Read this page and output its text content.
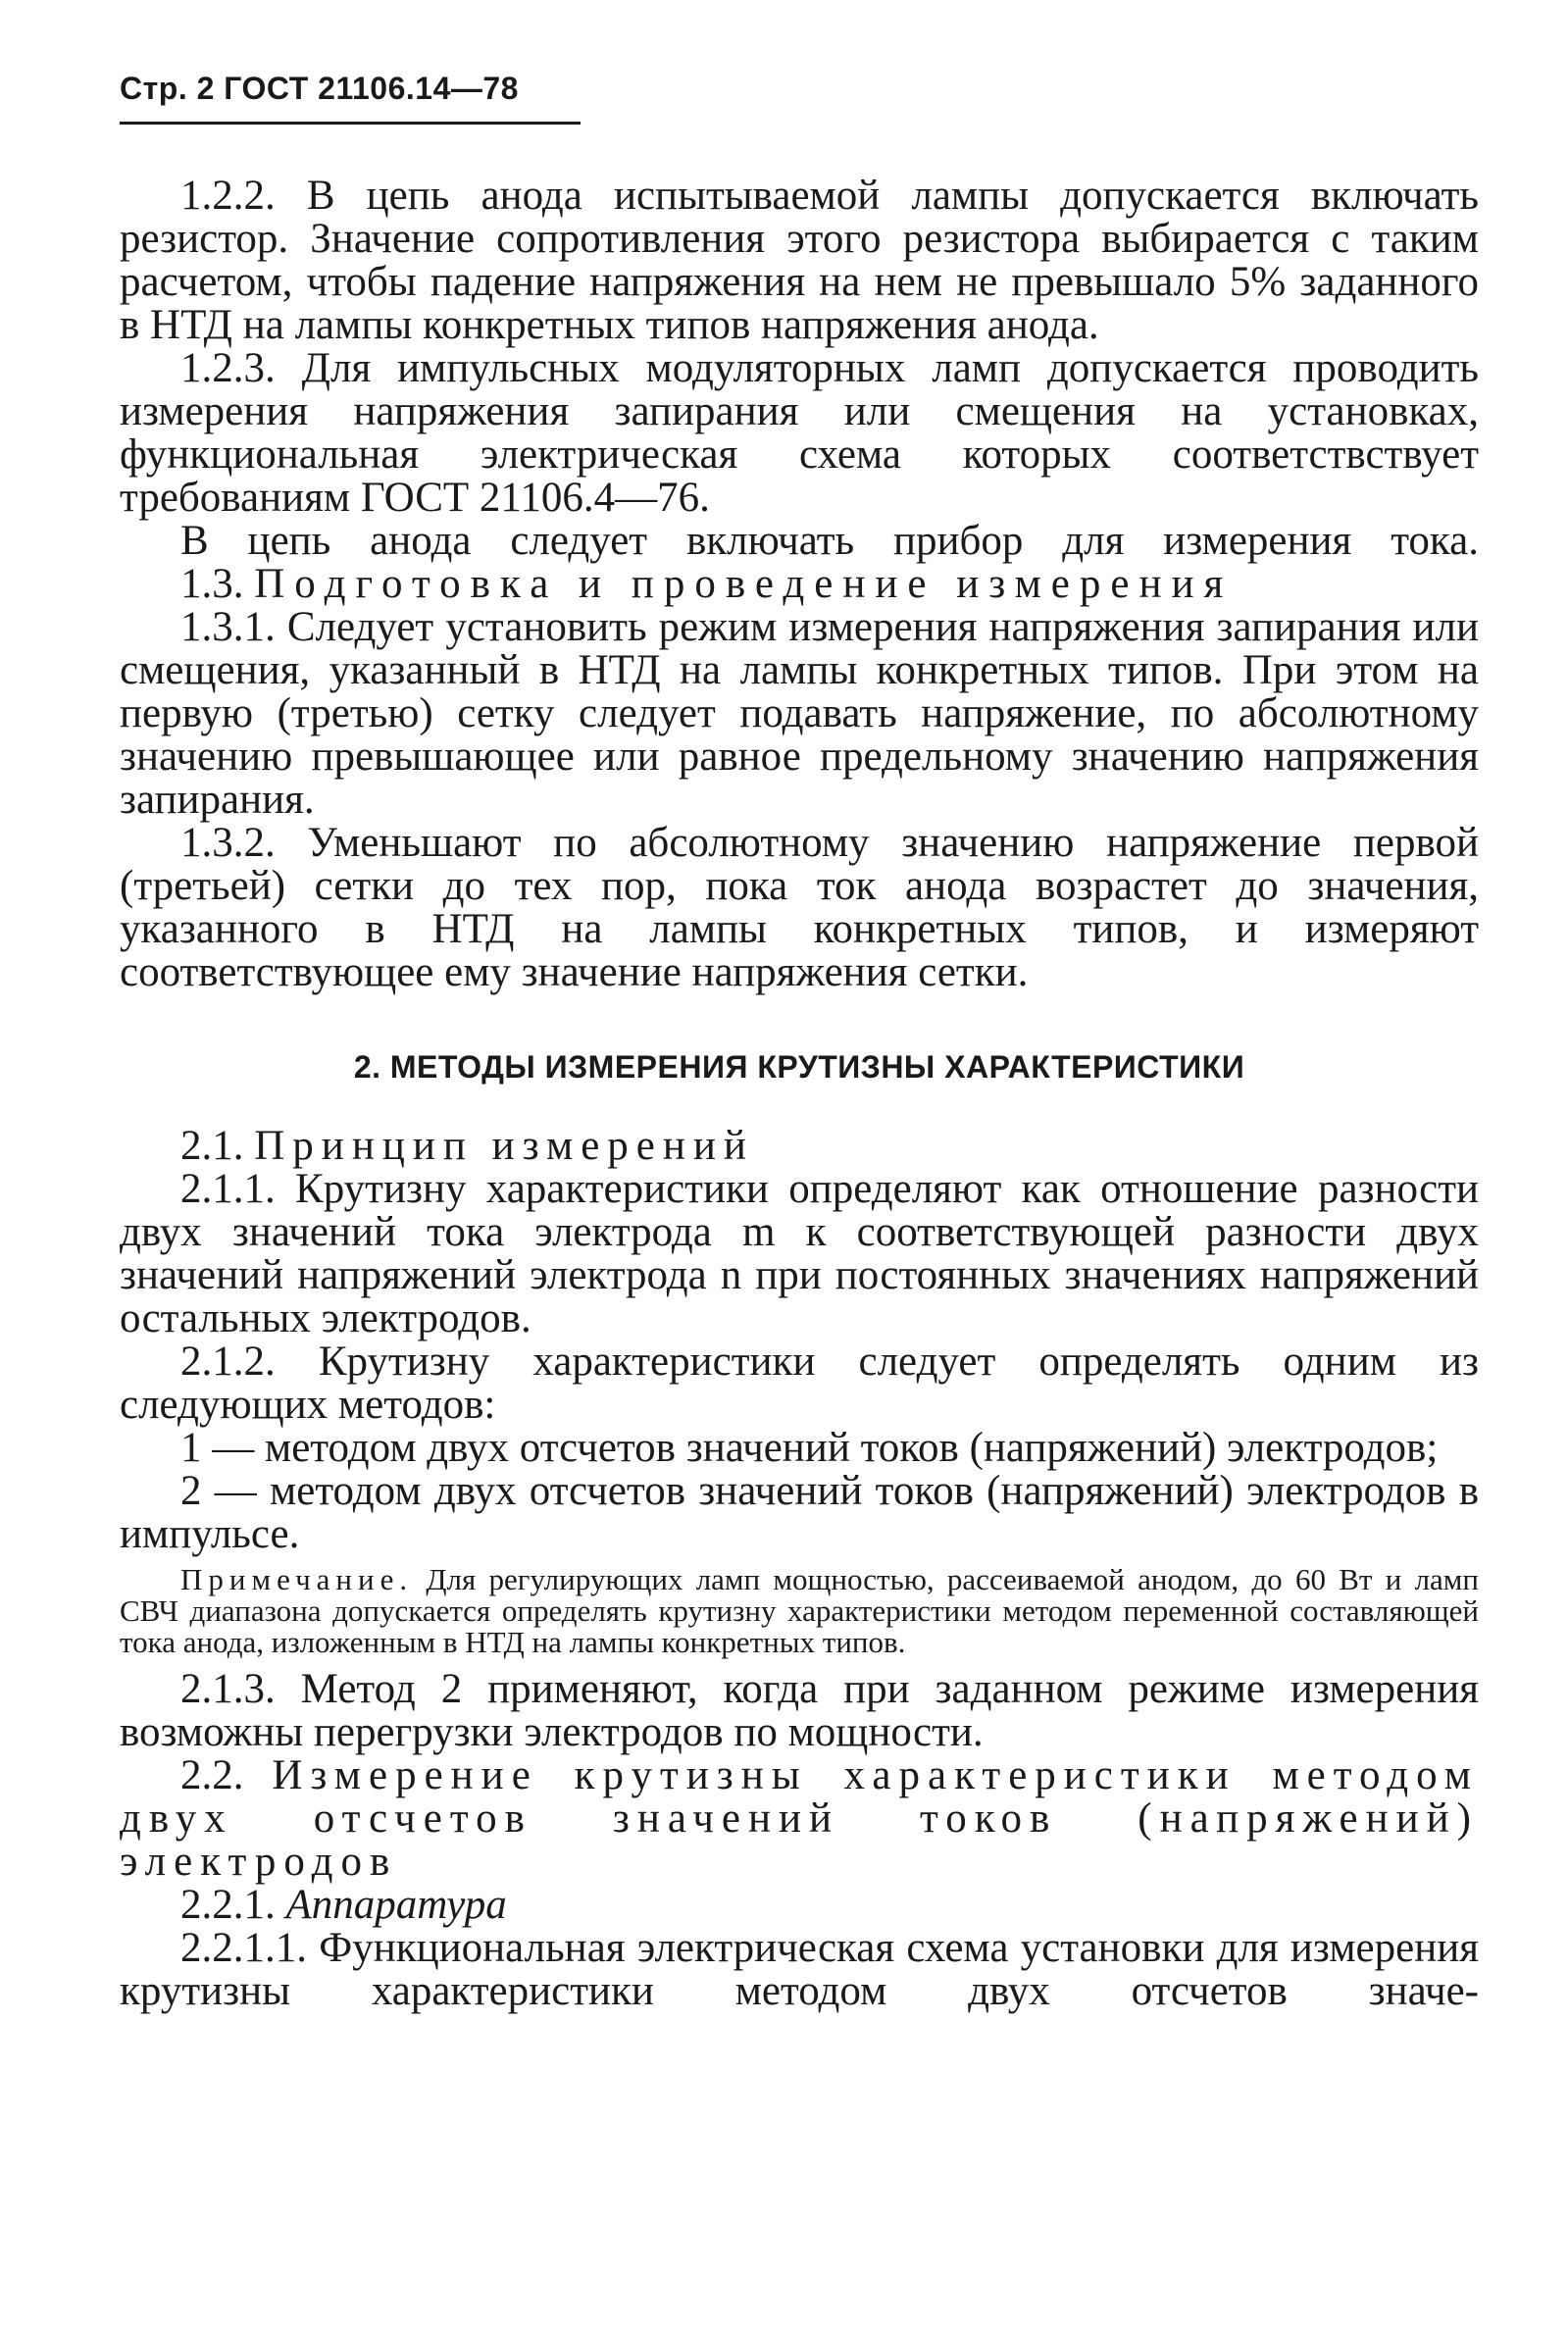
Стр. 2 ГОСТ 21106.14—78

1.2.2. В цепь анода испытываемой лампы допускается включать резистор. Значение сопротивления этого резистора выбирается с таким расчетом, чтобы падение напряжения на нем не превышало 5% заданного в НТД на лампы конкретных типов напряжения анода.

1.2.3. Для импульсных модуляторных ламп допускается проводить измерения напряжения запирания или смещения на установках, функциональная электрическая схема которых соответствствует требованиям ГОСТ 21106.4—76.

В цепь анода следует включать прибор для измерения тока.

1.3. Подготовка и проведение измерения

1.3.1. Следует установить режим измерения напряжения запирания или смещения, указанный в НТД на лампы конкретных типов. При этом на первую (третью) сетку следует подавать напряжение, по абсолютному значению превышающее или равное предельному значению напряжения запирания.

1.3.2. Уменьшают по абсолютному значению напряжение первой (третьей) сетки до тех пор, пока ток анода возрастет до значения, указанного в НТД на лампы конкретных типов, и измеряют соответствующее ему значение напряжения сетки.

2. МЕТОДЫ ИЗМЕРЕНИЯ КРУТИЗНЫ ХАРАКТЕРИСТИКИ

2.1. Принцип измерений

2.1.1. Крутизну характеристики определяют как отношение разности двух значений тока электрода m к соответствующей разности двух значений напряжений электрода n при постоянных значениях напряжений остальных электродов.

2.1.2. Крутизну характеристики следует определять одним из следующих методов:

1 — методом двух отсчетов значений токов (напряжений) электродов;

2 — методом двух отсчетов значений токов (напряжений) электродов в импульсе.

Примечание. Для регулирующих ламп мощностью, рассеиваемой анодом, до 60 Вт и ламп СВЧ диапазона допускается определять крутизну характеристики методом переменной составляющей тока анода, изложенным в НТД на лампы конкретных типов.

2.1.3. Метод 2 применяют, когда при заданном режиме измерения возможны перегрузки электродов по мощности.

2.2. Измерение крутизны характеристики методом двух отсчетов значений токов (напряжений) электродов

2.2.1. Аппаратура

2.2.1.1. Функциональная электрическая схема установки для измерения крутизны характеристики методом двух отсчетов значе-
